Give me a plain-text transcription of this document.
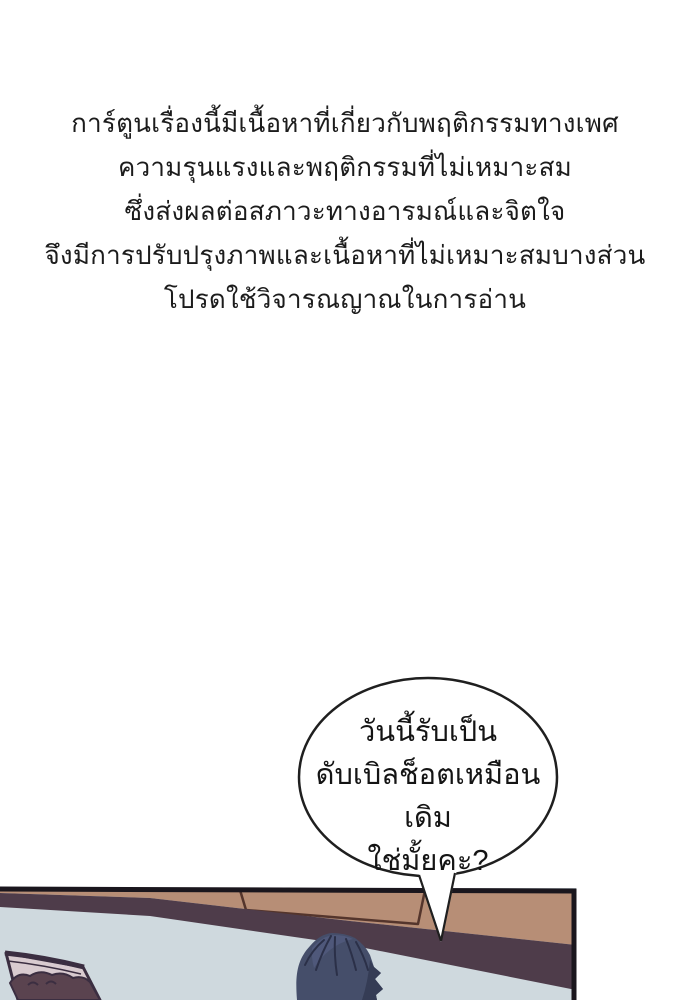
การ์ตูนเรื่องนี้มีเนื้อหาที่เกี่ยวกับพฤติกรรมทางเพศ
ความรุนแรงและพฤติกรรมที่ไม่เหมาะสม
ซึ่งส่งผลต่อสภาวะทางอารมณ์และจิตใจ
จึงมีการปรับปรุงภาพและเนื้อหาที่ไม่เหมาะสมบางส่วน
โปรดใช้วิจารณญาณในการอ่าน
วันนี้รับเป็น
ดับเบิลช็อตเหมือนเดิม
ใช่มั้ยคะ?
